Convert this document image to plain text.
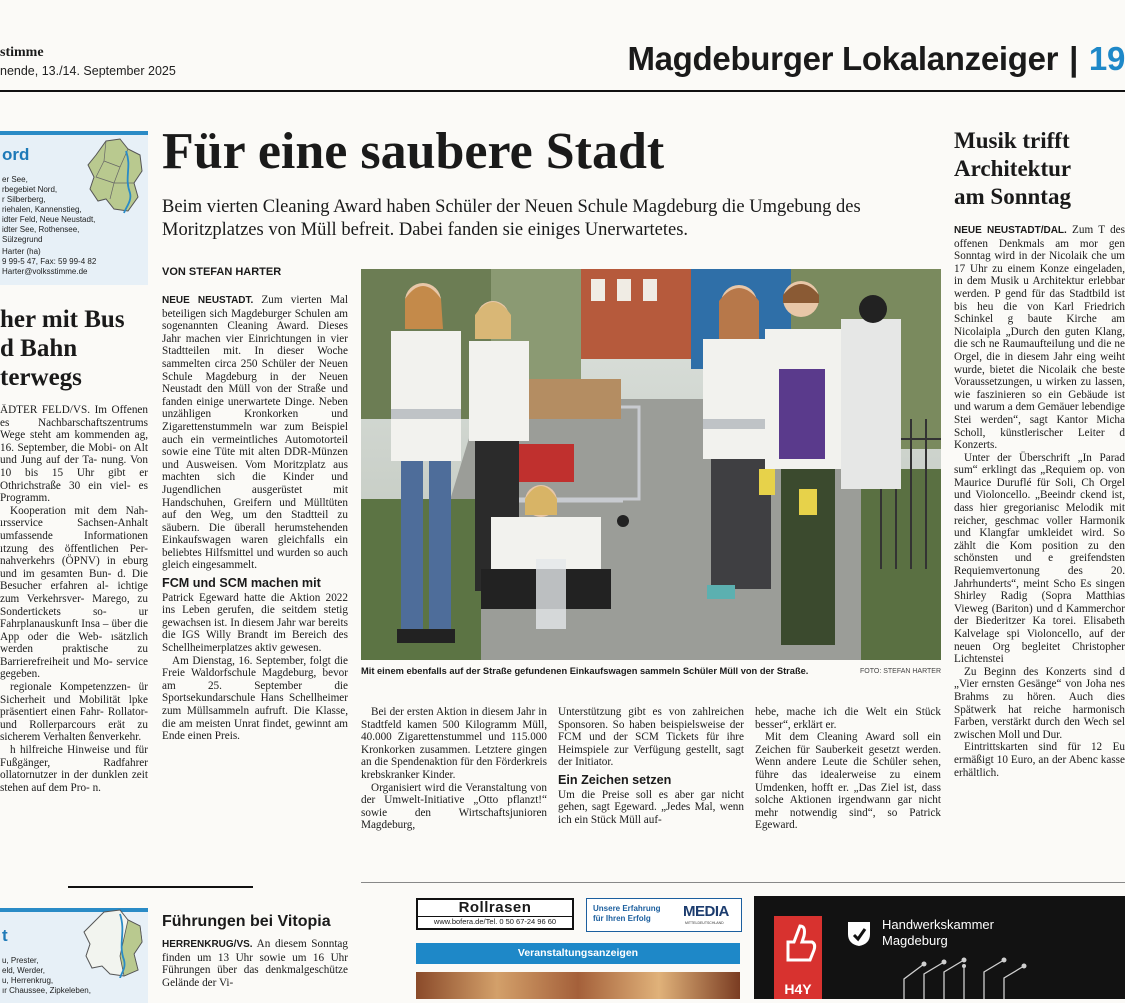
stimme
nende, 13./14. September 2025	Magdeburger Lokalanzeiger | 19
ord
er See,
rbegebiet Nord,
r Silberberg,
riehalen, Kannenstieg,
idter Feld, Neue Neustadt,
idter See, Rothensee, Sülzegrund
Harter (ha)
9 99-5 47, Fax: 59 99-4 82
Harter@volksstimme.de
her mit Bus
d Bahn
terwegs

ÄDTER FELD/VS. Im Offenen es Nachbarschaftszentrums Wege steht am kommenden ag, 16. September, die Mobi- on Alt und Jung auf der Ta- nung. Von 10 bis 15 Uhr gibt er Othrichstraße 30 ein viel- es Programm.

Kooperation mit dem Nah- ırsservice Sachsen-Anhalt umfassende Informationen ıtzung des öffentlichen Per- nahverkehrs (ÖPNV) in eburg und im gesamten Bun- d. Die Besucher erfahren al- ichtige zum Verkehrsver- Marego, zu Sondertickets so- ur Fahrplanauskunft Insa – über die App oder die Web- ısätzlich werden praktische zu Barrierefreiheit und Mo- service gegeben.

regionale Kompetenzzen- ür Sicherheit und Mobilität lpke präsentiert einen Fahr- Rollator- und Rollerparcours erät zu sicherem Verhalten ßenverkehr.

h hilfreiche Hinweise und für Fußgänger, Radfahrer ollatornutzer in der dunklen zeit stehen auf dem Pro- n.

Für eine saubere Stadt
Beim vierten Cleaning Award haben Schüler der Neuen Schule Magdeburg die Umgebung des Moritzplatzes von Müll befreit. Dabei fanden sie einiges Unerwartetes.
VON STEFAN HARTER

NEUE NEUSTADT. Zum vierten Mal beteiligen sich Magdeburger Schulen am sogenannten Cleaning Award. Dieses Jahr machen vier Einrichtungen in vier Stadtteilen mit. In dieser Woche sammelten circa 250 Schüler der Neuen Schule Magdeburg in der Neuen Neustadt den Müll von der Straße und fanden einige unerwartete Dinge. Neben unzähligen Kronkorken und Zigarettenstummeln war zum Beispiel auch ein vermeintliches Automotorteil sowie eine Tüte mit alten DDR-Münzen und Ausweisen. Vom Moritzplatz aus machten sich die Kinder und Jugendlichen ausgerüstet mit Handschuhen, Greifern und Mülltüten auf den Weg, um den Stadtteil zu säubern. Die überall herumstehenden Einkaufswagen waren gleichfalls ein beliebtes Hilfsmittel und wurden so auch gleich eingesammelt.

FCM und SCM machen mit

Patrick Egeward hatte die Aktion 2022 ins Leben gerufen, die seitdem stetig gewachsen ist. In diesem Jahr war bereits die IGS Willy Brandt im Bereich des Schellheimerplatzes aktiv gewesen.

Am Dienstag, 16. September, folgt die Freie Waldorfschule Magdeburg, bevor am 25. September die Sportsekundarschule Hans Schellheimer zum Müllsammeln aufruft. Die Klasse, die am meisten Unrat findet, gewinnt am Ende einen Preis.

Mit einem ebenfalls auf der Straße gefundenen Einkaufswagen sammeln Schüler Müll von der Straße.	FOTO: STEFAN HARTER

Bei der ersten Aktion in diesem Jahr in Stadtfeld kamen 500 Kilogramm Müll, 40.000 Zigarettenstummel und 115.000 Kronkorken zusammen. Letztere gingen an die Spendenaktion für den Förderkreis krebskranker Kinder.

Organisiert wird die Veranstaltung von der Umwelt-Initiative „Otto pflanzt!“ sowie den Wirtschaftsjunioren Magdeburg,

Unterstützung gibt es von zahlreichen Sponsoren. So haben beispielsweise der FCM und der SCM Tickets für ihre Heimspiele zur Verfügung gestellt, sagt der Initiator.

Ein Zeichen setzen

Um die Preise soll es aber gar nicht gehen, sagt Egeward. „Jedes Mal, wenn ich ein Stück Müll auf-

hebe, mache ich die Welt ein Stück besser“, erklärt er.

Mit dem Cleaning Award soll ein Zeichen für Sauberkeit gesetzt werden. Wenn andere Leute die Schüler sehen, führe das idealerweise zu einem Umdenken, hofft er. „Das Ziel ist, dass solche Aktionen irgendwann gar nicht mehr notwendig sind“, so Patrick Egeward.

Musik trifft
Architektur
am Sonntag

NEUE NEUSTADT/DAL. Zum T des offenen Denkmals am mor gen Sonntag wird in der Nicolaik che um 17 Uhr zu einem Konze eingeladen, in dem Musik u Architektur erlebbar werden. P gend für das Stadtbild ist bis heu die von Karl Friedrich Schinkel g baute Kirche am Nicolaipla „Durch den guten Klang, die sch ne Raumaufteilung und die ne Orgel, die in diesem Jahr eing weiht wurde, bietet die Nicolaik che beste Voraussetzungen, u wirken zu lassen, wie faszinieren so ein Gebäude ist und warum a dem Gemäuer lebendige Stei werden“, sagt Kantor Micha Scholl, künstlerischer Leiter d Konzerts.

Unter der Überschrift „In Parad sum“ erklingt das „Requiem op. von Maurice Duruflé für Soli, Ch Orgel und Violoncello. „Beeindr ckend ist, dass hier gregorianisc Melodik mit reicher, geschmac voller Harmonik und Klangfar umkleidet wird. So zählt die Kom position zu den schönsten und e greifendsten Requiemvertonung des 20. Jahrhunderts“, meint Scho Es singen Shirley Radig (Sopra Matthias Vieweg (Bariton) und d Kammerchor der Biederitzer Ka torei. Elisabeth Kalvelage spi Violoncello, auf der neuen Org begleitet Christopher Lichtenstei

Zu Beginn des Konzerts sind d „Vier ernsten Gesänge“ von Joha nes Brahms zu hören. Auch dies Spätwerk hat reiche harmonisch Farben, verstärkt durch den Wech sel zwischen Moll und Dur.

Eintrittskarten sind für 12 Eu ermäßigt 10 Euro, an der Abenc kasse erhältlich.

t
u, Prester,
eld, Werder,
u, Herrenkrug,
ır Chaussee, Zipkeleben,
Führungen bei Vitopia

HERRENKRUG/VS. An diesem Sonntag finden um 13 Uhr sowie um 16 Uhr Führungen über das denkmalgeschütze Gelände der Vi-

Rollrasen
www.bofera.de/Tel. 0 50 67-24 96 60
Unsere Erfahrung für Ihren Erfolg	MEDIA
MITTELDEUTSCHLAND
Veranstaltungsanzeigen
H4Y
Handwerkskammer
Magdeburg
